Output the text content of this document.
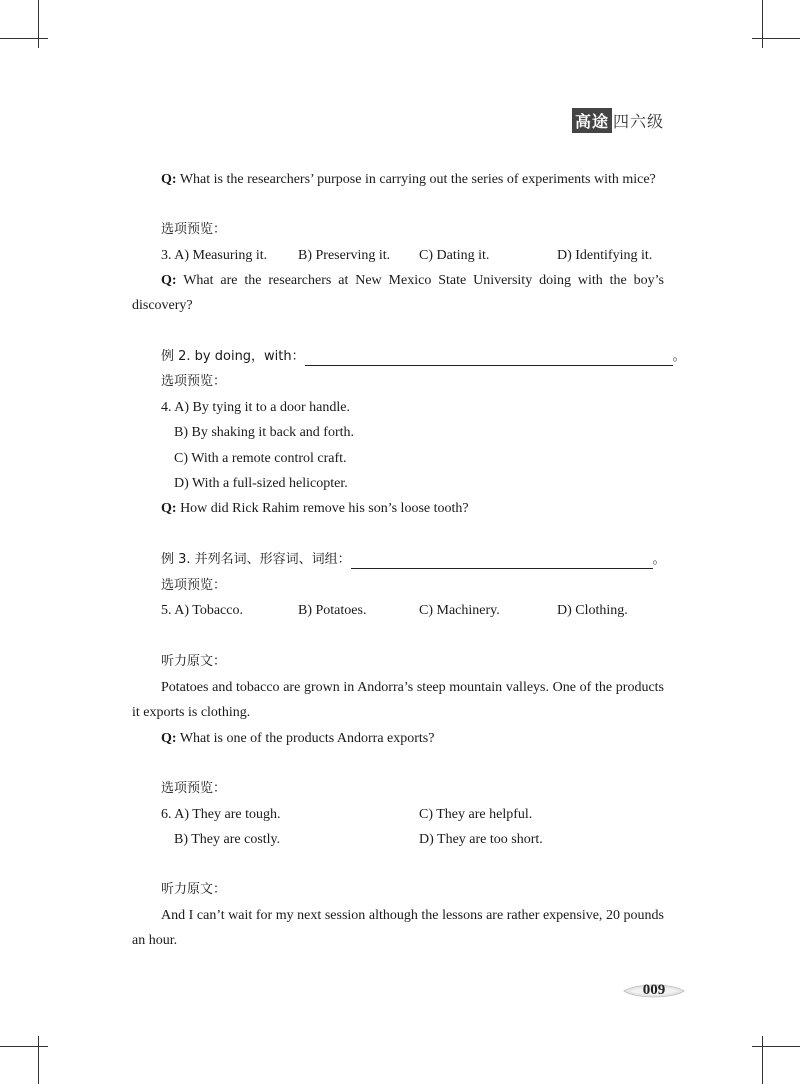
高途 四六级
Q: What is the researchers’ purpose in carrying out the series of experiments with mice?
选项预览：
3. A) Measuring it. B) Preserving it. C) Dating it.	D) Identifying it.
Q: What are the researchers at New Mexico State University doing with the boy’s discovery?
例 2. by doing，with：	。
选项预览：
4. A) By tying it to a door handle.
B) By shaking it back and forth.
C) With a remote control craft.
D) With a full-sized helicopter.
Q: How did Rick Rahim remove his son’s loose tooth?
例 3. 并列名词、形容词、词组：	。
选项预览：
5. A) Tobacco.	B) Potatoes.	C) Machinery.	D) Clothing.
听力原文：
Potatoes and tobacco are grown in Andorra’s steep mountain valleys. One of the products it exports is clothing.
Q: What is one of the products Andorra exports?
选项预览：
6. A) They are tough.	C) They are helpful.
B) They are costly.	D) They are too short.
听力原文：
And I can’t wait for my next session although the lessons are rather expensive, 20 pounds an hour.
009
